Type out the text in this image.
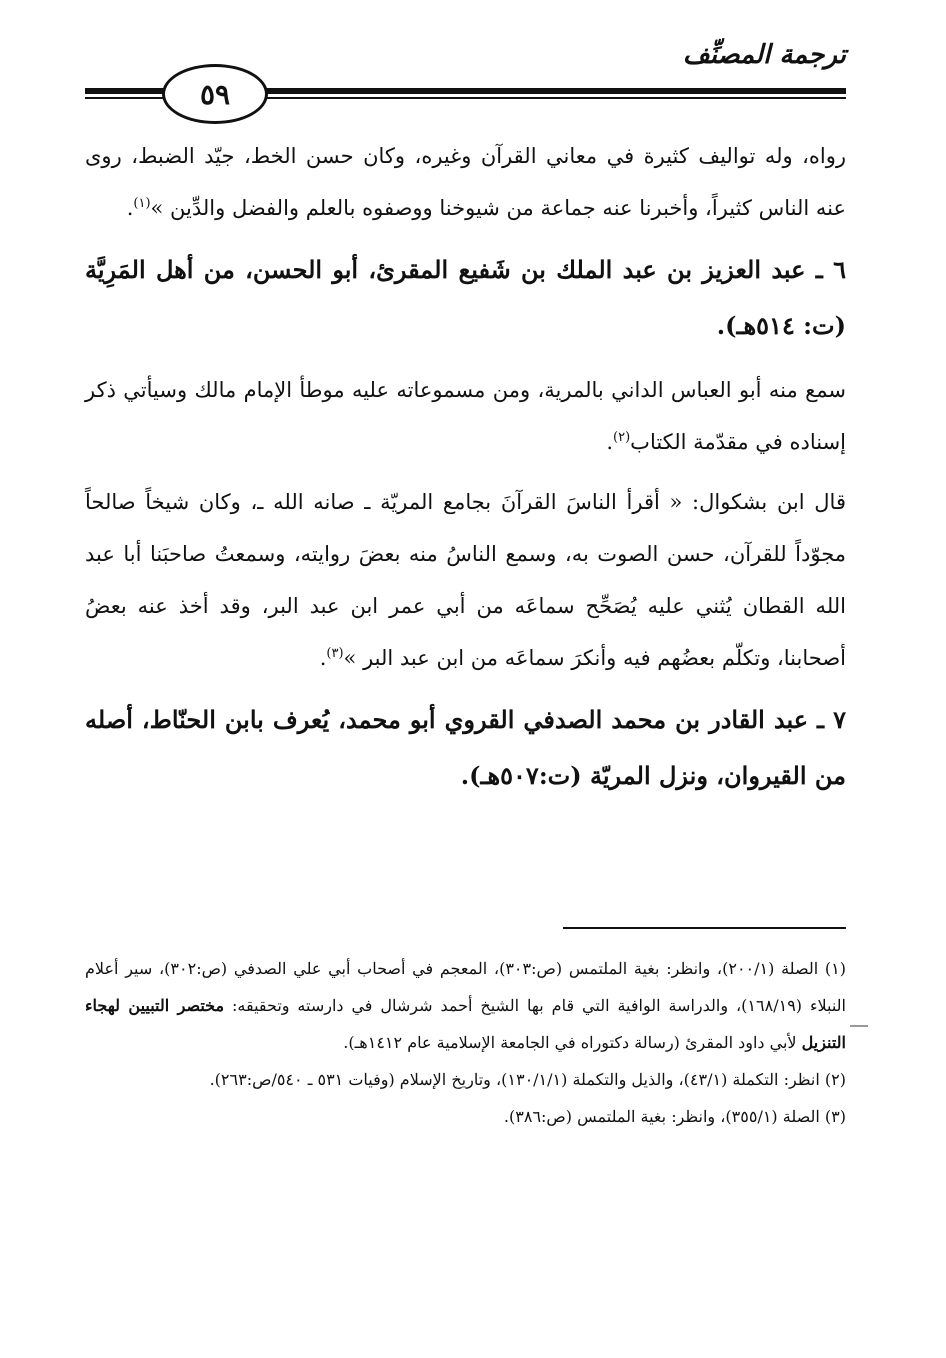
ترجمة المصنِّف
٥٩

رواه، وله تواليف كثيرة في معاني القرآن وغيره، وكان حسن الخط، جيّد الضبط، روى عنه الناس كثيراً، وأخبرنا عنه جماعة من شيوخنا ووصفوه بالعلم والفضل والدِّين »$^{(١)}$.

٦ ـ عبد العزيز بن عبد الملك بن شَفيع المقرئ، أبو الحسن، من أهل المَرِيَّة (ت: ٥١٤هـ).

سمع منه أبو العباس الداني بالمرية، ومن مسموعاته عليه موطأ الإمام مالك وسيأتي ذكر إسناده في مقدّمة الكتاب$^{(٢)}$.

قال ابن بشكوال: « أقرأ الناسَ القرآنَ بجامع المريّة ـ صانه الله ـ، وكان شيخاً صالحاً مجوّداً للقرآن، حسن الصوت به، وسمع الناسُ منه بعضَ روايته، وسمعتُ صاحبَنا أبا عبد الله القطان يُثني عليه يُصَحِّح سماعَه من أبي عمر ابن عبد البر، وقد أخذ عنه بعضُ أصحابنا، وتكلّم بعضُهم فيه وأنكرَ سماعَه من ابن عبد البر »$^{(٣)}$.

٧ ـ عبد القادر بن محمد الصدفي القروي أبو محمد، يُعرف بابن الحنّاط، أصله من القيروان، ونزل المريّة (ت:٥٠٧هـ).

(١) الصلة (٢٠٠/١)، وانظر: بغية الملتمس (ص:٣٠٣)، المعجم في أصحاب أبي علي الصدفي (ص:٣٠٢)، سير أعلام النبلاء (١٦٨/١٩)، والدراسة الوافية التي قام بها الشيخ أحمد شرشال في دارسته وتحقيقه: مختصر التبيين لهجاء التنزيل لأبي داود المقرئ (رسالة دكتوراه في الجامعة الإسلامية عام ١٤١٢هـ).

(٢) انظر: التكملة (٤٣/١)، والذيل والتكملة (١٣٠/١/١)، وتاريخ الإسلام (وفيات ٥٣١ ـ ٥٤٠/ص:٢٦٣).

(٣) الصلة (٣٥٥/١)، وانظر: بغية الملتمس (ص:٣٨٦).
